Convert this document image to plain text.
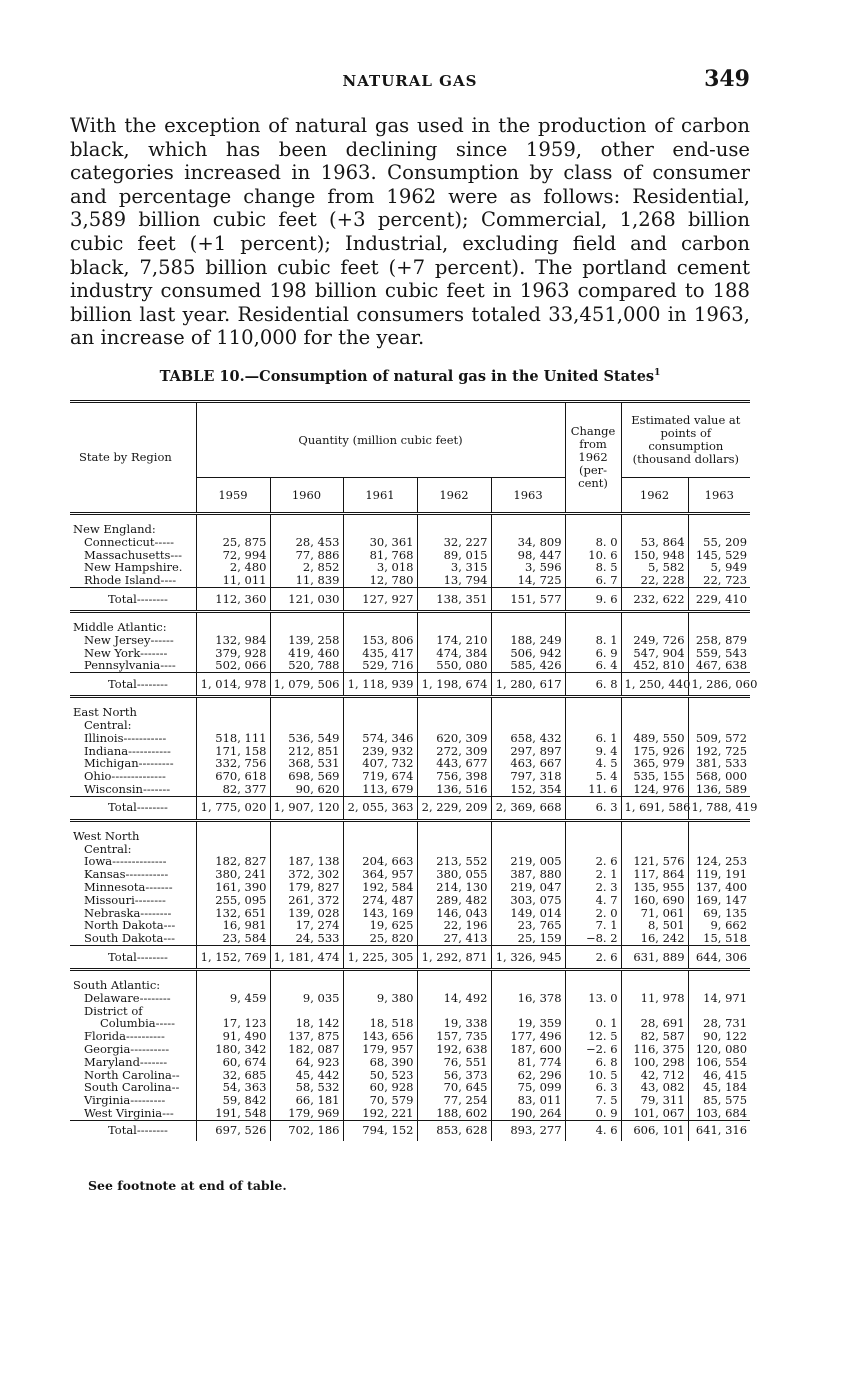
NATURAL GAS	349

With the exception of natural gas used in the production of carbon black, which has been declining since 1959, other end-use categories increased in 1963. Consumption by class of consumer and percentage change from 1962 were as follows: Residential, 3,589 billion cubic feet (+3 percent); Commercial, 1,268 billion cubic feet (+1 percent); Industrial, excluding field and carbon black, 7,585 billion cubic feet (+7 percent). The portland cement industry consumed 198 billion cubic feet in 1963 compared to 188 billion last year. Residential consumers totaled 33,451,000 in 1963, an increase of 110,000 for the year.

TABLE 10.—Consumption of natural gas in the United States$^1$
State by Region	Quantity (million cubic feet)					Change from 1962 (per-cent)	Estimated value at points of consumption (thousand dollars)	
	1959	1960	1961	1962	1963		1962	1963
New England:								
Connecticut-----	25, 875	28, 453	30, 361	32, 227	34, 809	8. 0	53, 864	55, 209
Massachusetts---	72, 994	77, 886	81, 768	89, 015	98, 447	10. 6	150, 948	145, 529
New Hampshire.	2, 480	2, 852	3, 018	3, 315	3, 596	8. 5	5, 582	5, 949
Rhode Island----	11, 011	11, 839	12, 780	13, 794	14, 725	6. 7	22, 228	22, 723
Total--------	112, 360	121, 030	127, 927	138, 351	151, 577	9. 6	232, 622	229, 410
Middle Atlantic:								
New Jersey------	132, 984	139, 258	153, 806	174, 210	188, 249	8. 1	249, 726	258, 879
New York-------	379, 928	419, 460	435, 417	474, 384	506, 942	6. 9	547, 904	559, 543
Pennsylvania----	502, 066	520, 788	529, 716	550, 080	585, 426	6. 4	452, 810	467, 638
Total--------	1, 014, 978	1, 079, 506	1, 118, 939	1, 198, 674	1, 280, 617	6. 8	1, 250, 440	1, 286, 060
East North								
Central:								
Illinois-----------	518, 111	536, 549	574, 346	620, 309	658, 432	6. 1	489, 550	509, 572
Indiana-----------	171, 158	212, 851	239, 932	272, 309	297, 897	9. 4	175, 926	192, 725
Michigan---------	332, 756	368, 531	407, 732	443, 677	463, 667	4. 5	365, 979	381, 533
Ohio--------------	670, 618	698, 569	719, 674	756, 398	797, 318	5. 4	535, 155	568, 000
Wisconsin-------	82, 377	90, 620	113, 679	136, 516	152, 354	11. 6	124, 976	136, 589
Total--------	1, 775, 020	1, 907, 120	2, 055, 363	2, 229, 209	2, 369, 668	6. 3	1, 691, 586	1, 788, 419
West North								
Central:								
Iowa--------------	182, 827	187, 138	204, 663	213, 552	219, 005	2. 6	121, 576	124, 253
Kansas-----------	380, 241	372, 302	364, 957	380, 055	387, 880	2. 1	117, 864	119, 191
Minnesota-------	161, 390	179, 827	192, 584	214, 130	219, 047	2. 3	135, 955	137, 400
Missouri--------	255, 095	261, 372	274, 487	289, 482	303, 075	4. 7	160, 690	169, 147
Nebraska--------	132, 651	139, 028	143, 169	146, 043	149, 014	2. 0	71, 061	69, 135
North Dakota---	16, 981	17, 274	19, 625	22, 196	23, 765	7. 1	8, 501	9, 662
South Dakota---	23, 584	24, 533	25, 820	27, 413	25, 159	−8. 2	16, 242	15, 518
Total--------	1, 152, 769	1, 181, 474	1, 225, 305	1, 292, 871	1, 326, 945	2. 6	631, 889	644, 306
South Atlantic:								
Delaware--------	9, 459	9, 035	9, 380	14, 492	16, 378	13. 0	11, 978	14, 971
District of								
Columbia-----	17, 123	18, 142	18, 518	19, 338	19, 359	0. 1	28, 691	28, 731
Florida----------	91, 490	137, 875	143, 656	157, 735	177, 496	12. 5	82, 587	90, 122
Georgia----------	180, 342	182, 087	179, 957	192, 638	187, 600	−2. 6	116, 375	120, 080
Maryland-------	60, 674	64, 923	68, 390	76, 551	81, 774	6. 8	100, 298	106, 554
North Carolina--	32, 685	45, 442	50, 523	56, 373	62, 296	10. 5	42, 712	46, 415
South Carolina--	54, 363	58, 532	60, 928	70, 645	75, 099	6. 3	43, 082	45, 184
Virginia---------	59, 842	66, 181	70, 579	77, 254	83, 011	7. 5	79, 311	85, 575
West Virginia---	191, 548	179, 969	192, 221	188, 602	190, 264	0. 9	101, 067	103, 684
Total--------	697, 526	702, 186	794, 152	853, 628	893, 277	4. 6	606, 101	641, 316
See footnote at end of table.
